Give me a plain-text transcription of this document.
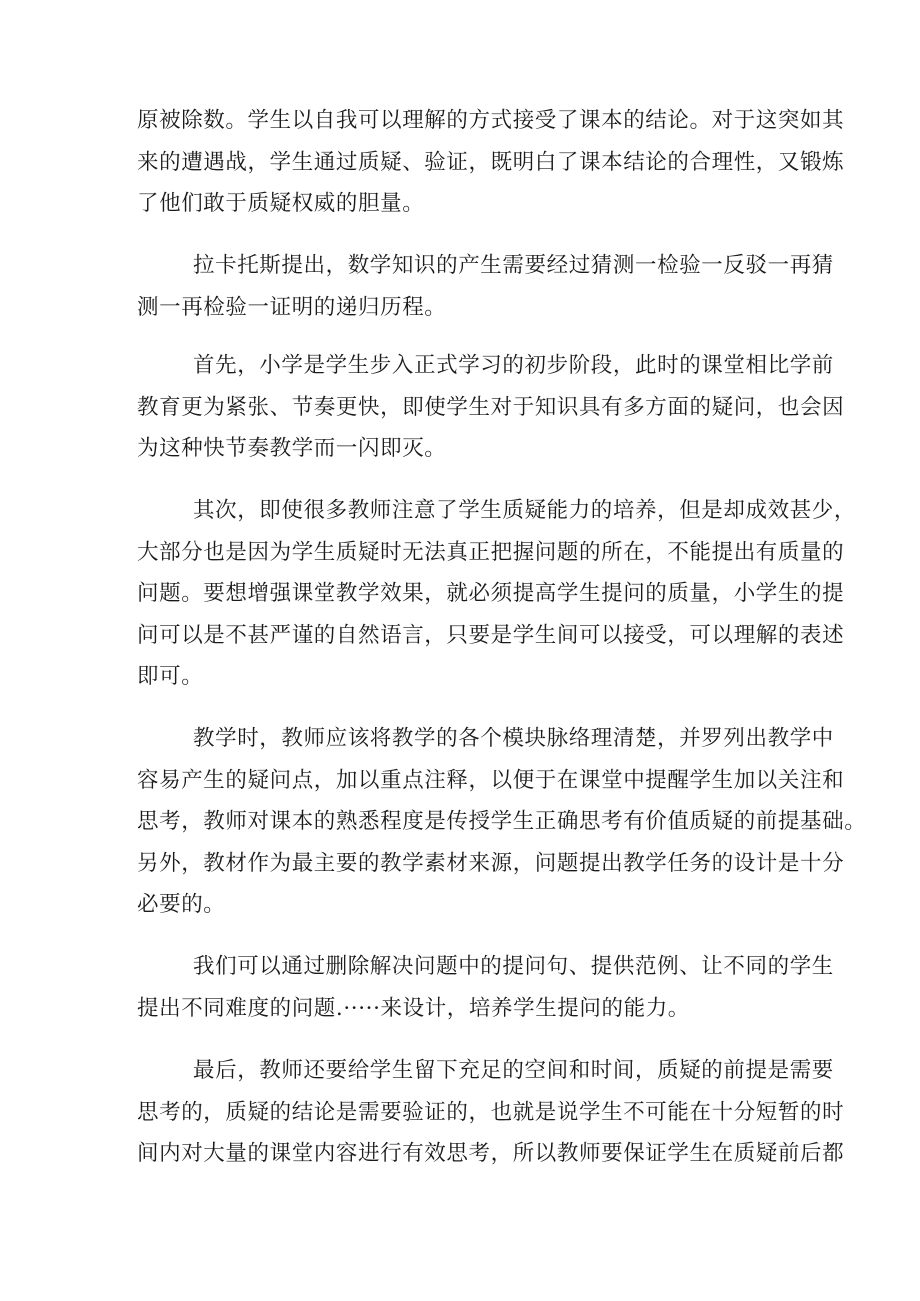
原被除数。学生以自我可以理解的方式接受了课本的结论。对于这突如其
来的遭遇战，学生通过质疑、验证，既明白了课本结论的合理性，又锻炼
了他们敢于质疑权威的胆量。

拉卡托斯提出，数学知识的产生需要经过猜测一检验一反驳一再猜
测一再检验一证明的递归历程。

首先，小学是学生步入正式学习的初步阶段，此时的课堂相比学前
教育更为紧张、节奏更快，即使学生对于知识具有多方面的疑问，也会因
为这种快节奏教学而一闪即灭。

其次，即使很多教师注意了学生质疑能力的培养，但是却成效甚少，
大部分也是因为学生质疑时无法真正把握问题的所在，不能提出有质量的
问题。要想增强课堂教学效果，就必须提高学生提问的质量，小学生的提
问可以是不甚严谨的自然语言，只要是学生间可以接受，可以理解的表述
即可。

教学时，教师应该将教学的各个模块脉络理清楚，并罗列出教学中
容易产生的疑问点，加以重点注释，以便于在课堂中提醒学生加以关注和
思考，教师对课本的熟悉程度是传授学生正确思考有价值质疑的前提基础。
另外，教材作为最主要的教学素材来源，问题提出教学任务的设计是十分
必要的。

我们可以通过删除解决问题中的提问句、提供范例、让不同的学生
提出不同难度的问题.·····来设计，培养学生提问的能力。

最后，教师还要给学生留下充足的空间和时间，质疑的前提是需要
思考的，质疑的结论是需要验证的，也就是说学生不可能在十分短暂的时
间内对大量的课堂内容进行有效思考，所以教师要保证学生在质疑前后都
